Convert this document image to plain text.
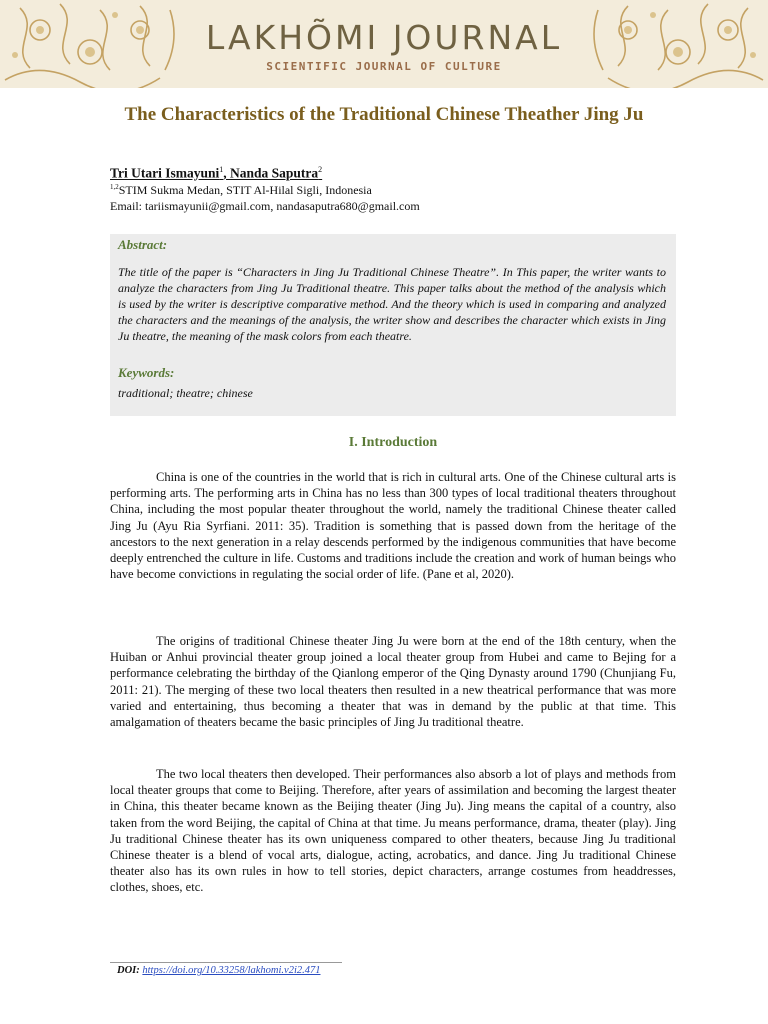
LAKHÕMI JOURNAL
SCIENTIFIC JOURNAL OF CULTURE
The Characteristics of the Traditional Chinese Theather Jing Ju
Tri Utari Ismayuni$^1$, Nanda Saputra$^2$
$^{1,2}$STIM Sukma Medan, STIT Al-Hilal Sigli, Indonesia
Email: tariismayunii@gmail.com, nandasaputra680@gmail.com
Abstract:
The title of the paper is “Characters in Jing Ju Traditional Chinese Theatre”. In This paper, the writer wants to analyze the characters from Jing Ju Traditional theatre. This paper talks about the method of the analysis which is used by the writer is descriptive comparative method. And the theory which is used in comparing and analyzed the characters and the meanings of the analysis, the writer show and describes the character which exists in Jing Ju theatre, the meaning of the mask colors from each theatre.
Keywords:
traditional; theatre; chinese
I. Introduction

China is one of the countries in the world that is rich in cultural arts. One of the Chinese cultural arts is performing arts. The performing arts in China has no less than 300 types of local traditional theaters throughout China, including the most popular theater throughout the world, namely the traditional Chinese theater called Jing Ju (Ayu Ria Syrfiani. 2011: 35). Tradition is something that is passed down from the heritage of the ancestors to the next generation in a relay descends performed by the indigenous communities that have become deeply entrenched the culture in life. Customs and traditions include the creation and work of human beings who have become convictions in regulating the social order of life. (Pane et al, 2020).

The origins of traditional Chinese theater Jing Ju were born at the end of the 18th century, when the Huiban or Anhui provincial theater group joined a local theater group from Hubei and came to Bejing for a performance celebrating the birthday of the Qianlong emperor of the Qing Dynasty around 1790 (Chunjiang Fu, 2011: 21). The merging of these two local theaters then resulted in a new theatrical performance that was more varied and entertaining, thus becoming a theater that was in demand by the public at that time. This amalgamation of theaters became the basic principles of Jing Ju traditional theatre.

The two local theaters then developed. Their performances also absorb a lot of plays and methods from local theater groups that come to Beijing. Therefore, after years of assimilation and becoming the largest theater in China, this theater became known as the Beijing theater (Jing Ju). Jing means the capital of a country, also taken from the word Beijing, the capital of China at that time. Ju means performance, drama, theater (play). Jing Ju traditional Chinese theater has its own uniqueness compared to other theaters, because Jing Ju traditional Chinese theater is a blend of vocal arts, dialogue, acting, acrobatics, and dance. Jing Ju traditional Chinese theater also has its own rules in how to tell stories, depict characters, arrange costumes from headdresses, clothes, shoes, etc.

DOI: https://doi.org/10.33258/lakhomi.v2i2.471
